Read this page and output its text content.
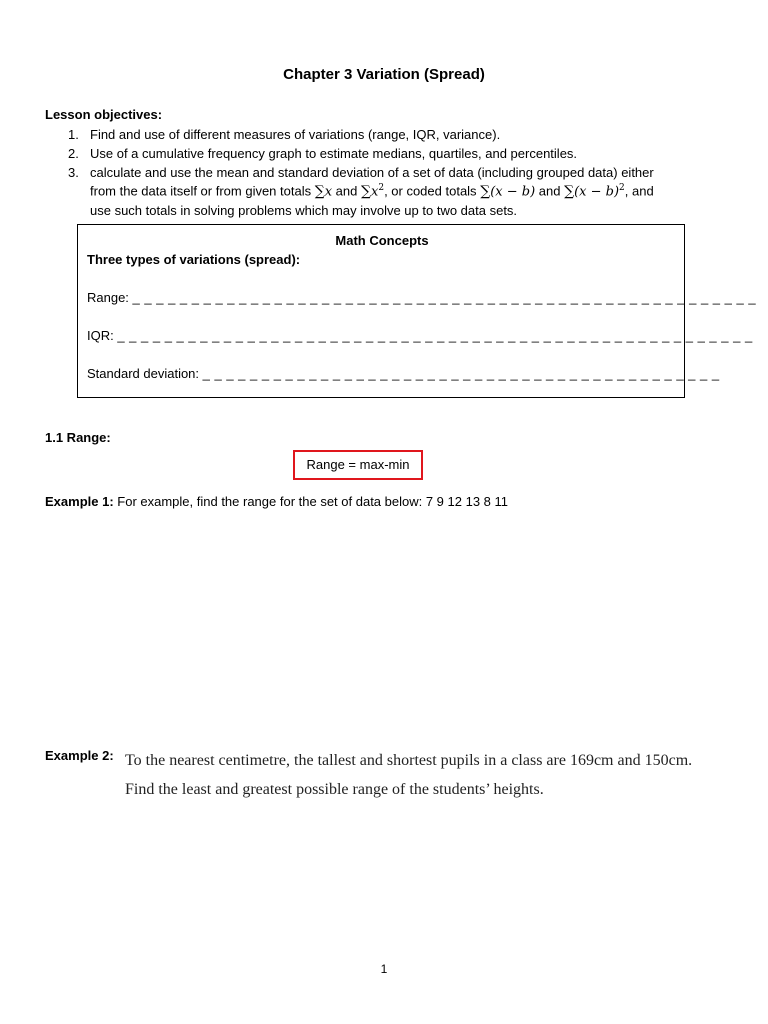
Chapter 3 Variation (Spread)
Lesson objectives:
1. Find and use of different measures of variations (range, IQR, variance).
2. Use of a cumulative frequency graph to estimate medians, quartiles, and percentiles.
3. calculate and use the mean and standard deviation of a set of data (including grouped data) either
from the data itself or from given totals ∑x and $\sum x^2$, or coded totals ∑(x − b) and $\sum(x - b)^2$, and
use such totals in solving problems which may involve up to two data sets.
Math Concepts
Three types of variations (spread):
Range: _ _ _ _ _ _ _ _ _ _ _ _ _ _ _ _ _ _ _ _ _ _ _ _ _ _ _ _ _ _ _ _ _ _ _ _ _ _ _ _ _ _ _ _ _ _ _ _ _ _ _ _ _
IQR: _ _ _ _ _ _ _ _ _ _ _ _ _ _ _ _ _ _ _ _ _ _ _ _ _ _ _ _ _ _ _ _ _ _ _ _ _ _ _ _ _ _ _ _ _ _ _ _ _ _ _ _ _ _
Standard deviation: _ _ _ _ _ _ _ _ _ _ _ _ _ _ _ _ _ _ _ _ _ _ _ _ _ _ _ _ _ _ _ _ _ _ _ _ _ _ _ _ _ _ _ _
1.1 Range:
Range = max-min
Example 1: For example, find the range for the set of data below: 7 9 12 13 8 11
Example 2: To the nearest centimetre, the tallest and shortest pupils in a class are 169cm and 150cm.
Find the least and greatest possible range of the students’ heights.
1
